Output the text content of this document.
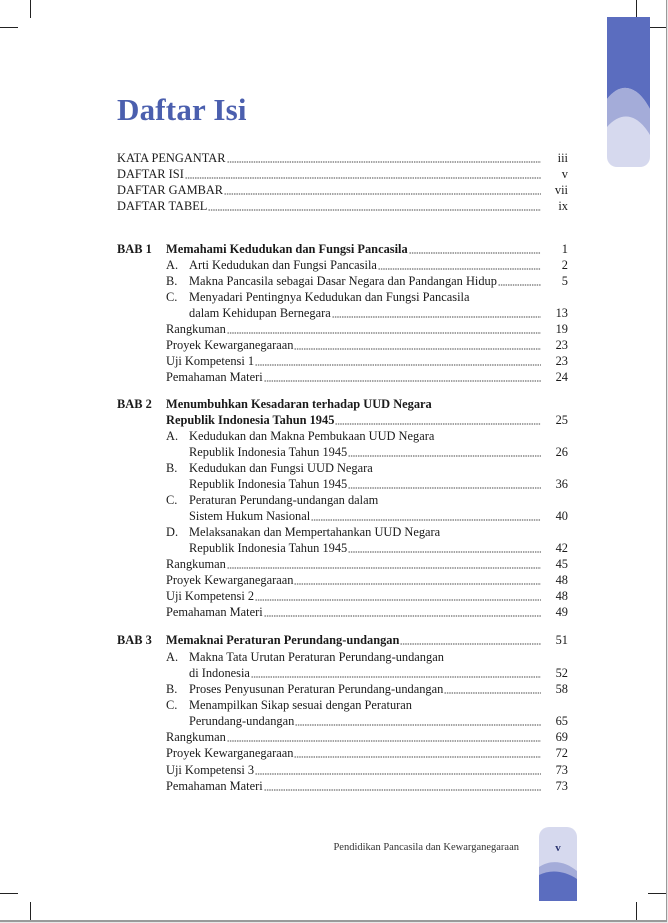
Daftar Isi
KATA PENGANTAR	iii
DAFTAR ISI	v
DAFTAR GAMBAR	vii
DAFTAR TABEL	ix
BAB 1 Memahami Kedudukan dan Fungsi Pancasila	1
A. Arti Kedudukan dan Fungsi Pancasila	2
B. Makna Pancasila sebagai Dasar Negara dan Pandangan Hidup	5
C. Menyadari Pentingnya Kedudukan dan Fungsi Pancasila
dalam Kehidupan Bernegara	13
Rangkuman	19
Proyek Kewarganegaraan	23
Uji Kompetensi 1	23
Pemahaman Materi	24
BAB 2 Menumbuhkan Kesadaran terhadap UUD Negara
Republik Indonesia Tahun 1945	25
A. Kedudukan dan Makna Pembukaan UUD Negara
Republik Indonesia Tahun 1945	26
B. Kedudukan dan Fungsi UUD Negara
Republik Indonesia Tahun 1945	36
C. Peraturan Perundang-undangan dalam
Sistem Hukum Nasional	40
D. Melaksanakan dan Mempertahankan UUD Negara
Republik Indonesia Tahun 1945	42
Rangkuman	45
Proyek Kewarganegaraan	48
Uji Kompetensi 2	48
Pemahaman Materi	49
BAB 3 Memaknai Peraturan Perundang-undangan	51
A. Makna Tata Urutan Peraturan Perundang-undangan
di Indonesia	52
B. Proses Penyusunan Peraturan Perundang-undangan	58
C. Menampilkan Sikap sesuai dengan Peraturan
Perundang-undangan	65
Rangkuman	69
Proyek Kewarganegaraan	72
Uji Kompetensi 3	73
Pemahaman Materi	73
Pendidikan Pancasila dan Kewarganegaraan	v
